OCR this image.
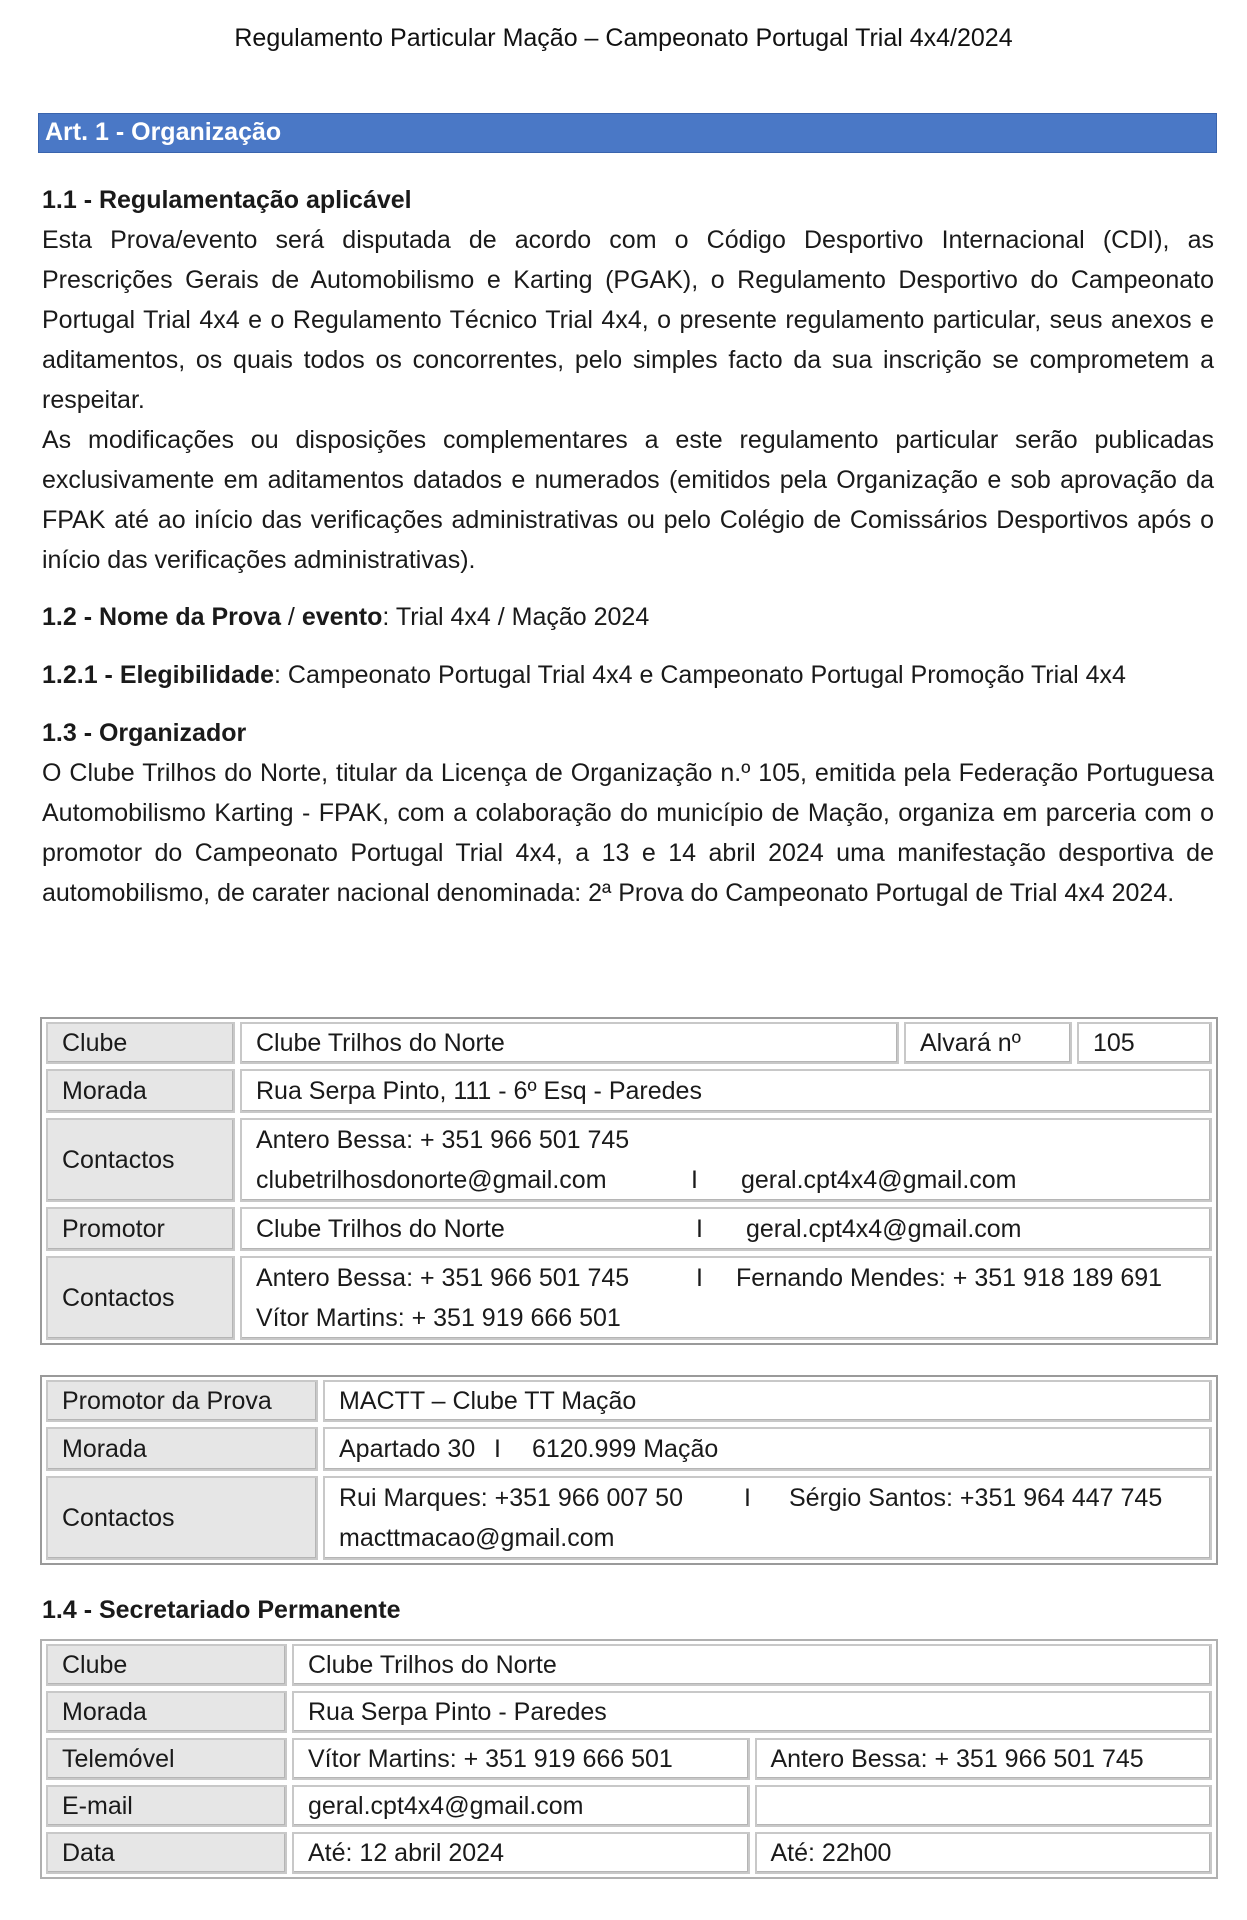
Regulamento Particular Mação – Campeonato Portugal Trial 4x4/2024
Art. 1 - Organização
1.1 - Regulamentação aplicável

Esta Prova/evento será disputada de acordo com o Código Desportivo Internacional (CDI), as Prescrições Gerais de Automobilismo e Karting (PGAK), o Regulamento Desportivo do Campeonato Portugal Trial 4x4 e o Regulamento Técnico Trial 4x4, o presente regulamento particular, seus anexos e aditamentos, os quais todos os concorrentes, pelo simples facto da sua inscrição se comprometem a respeitar.

As modificações ou disposições complementares a este regulamento particular serão publicadas exclusivamente em aditamentos datados e numerados (emitidos pela Organização e sob aprovação da FPAK até ao início das verificações administrativas ou pelo Colégio de Comissários Desportivos após o início das verificações administrativas).

1.2 - Nome da Prova / evento: Trial 4x4 / Mação 2024
1.2.1 - Elegibilidade: Campeonato Portugal Trial 4x4 e Campeonato Portugal Promoção Trial 4x4
1.3 - Organizador

O Clube Trilhos do Norte, titular da Licença de Organização n.º 105, emitida pela Federação Portuguesa Automobilismo Karting - FPAK, com a colaboração do município de Mação, organiza em parceria com o promotor do Campeonato Portugal Trial 4x4, a 13 e 14 abril 2024 uma manifestação desportiva de automobilismo, de carater nacional denominada: 2ª Prova do Campeonato Portugal de Trial 4x4 2024.

Clube	Clube Trilhos do Norte	Alvará nº	105
Morada	Rua Serpa Pinto, 111 - 6º Esq - Paredes
Contactos
Antero Bessa: + 351 966 501 745
clubetrilhosdonorte@gmail.com	I	geral.cpt4x4@gmail.com
Promotor	Clube Trilhos do Norte	I	geral.cpt4x4@gmail.com
Contactos
Antero Bessa: + 351 966 501 745	I	Fernando Mendes: + 351 918 189 691
Vítor Martins: + 351 919 666 501
Promotor da Prova	MACTT – Clube TT Mação
Morada	Apartado 30 I	6120.999 Mação
Contactos
Rui Marques: +351 966 007 50	I	Sérgio Santos: +351 964 447 745
macttmacao@gmail.com
1.4 - Secretariado Permanente
Clube	Clube Trilhos do Norte
Morada	Rua Serpa Pinto - Paredes
Telemóvel	Vítor Martins: + 351 919 666 501	Antero Bessa: + 351 966 501 745
E-mail	geral.cpt4x4@gmail.com
Data	Até: 12 abril 2024	Até: 22h00
